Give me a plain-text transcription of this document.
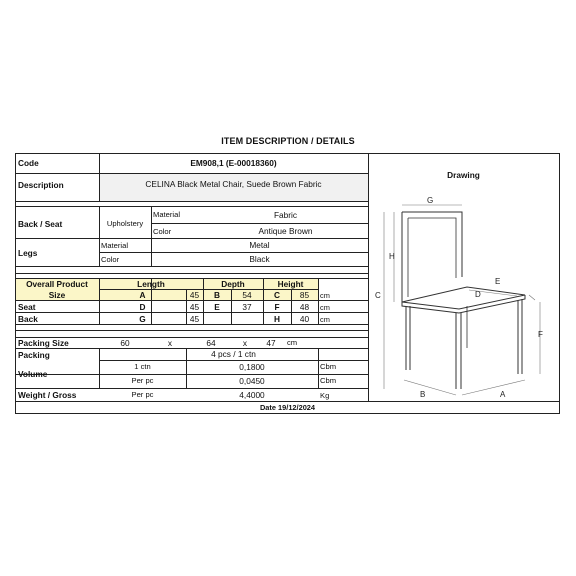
ITEM DESCRIPTION / DETAILS
Code	EM908,1 (E-00018360)
Description	CELINA Black Metal Chair, Suede Brown Fabric
Drawing
Back / Seat	Upholstery
Material	Fabric
Color	Antique Brown
Legs
Material	Metal
Color	Black
Overall Product
Size
Length	Depth	Height
A	45	B	54	C	85	cm
Seat	D	45	E	37	F	48	cm
Back	G	45	H	40	cm
Packing Size	60	x	64	x	47	cm
Packing	4 pcs / 1 ctn
Volume
1 ctn	0,1800	Cbm
Per pc	0,0450	Cbm
Weight / Gross	Per pc	4,4000	Kg
Date 19/12/2024
G
H
C	D
E
F
B	A
